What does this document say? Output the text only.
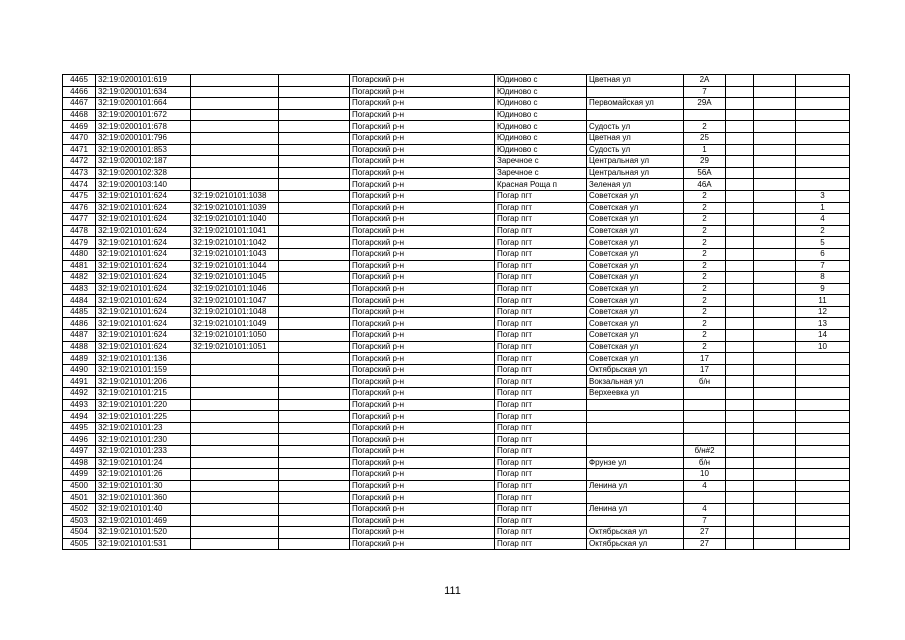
4465	32:19:0200101:619			Погарский р-н	Юдиново с	Цветная ул	2А			
4466	32:19:0200101:634			Погарский р-н	Юдиново с		7			
4467	32:19:0200101:664			Погарский р-н	Юдиново с	Первомайская ул	29А			
4468	32:19:0200101:672			Погарский р-н	Юдиново с					
4469	32:19:0200101:678			Погарский р-н	Юдиново с	Судость ул	2			
4470	32:19:0200101:796			Погарский р-н	Юдиново с	Цветная ул	25			
4471	32:19:0200101:853			Погарский р-н	Юдиново с	Судость ул	1			
4472	32:19:0200102:187			Погарский р-н	Заречное с	Центральная ул	29			
4473	32:19:0200102:328			Погарский р-н	Заречное с	Центральная ул	56А			
4474	32:19:0200103:140			Погарский р-н	Красная Роща п	Зеленая ул	46А			
4475	32:19:0210101:624	32:19:0210101:1038		Погарский р-н	Погар пгт	Советская ул	2			3
4476	32:19:0210101:624	32:19:0210101:1039		Погарский р-н	Погар пгт	Советская ул	2			1
4477	32:19:0210101:624	32:19:0210101:1040		Погарский р-н	Погар пгт	Советская ул	2			4
4478	32:19:0210101:624	32:19:0210101:1041		Погарский р-н	Погар пгт	Советская ул	2			2
4479	32:19:0210101:624	32:19:0210101:1042		Погарский р-н	Погар пгт	Советская ул	2			5
4480	32:19:0210101:624	32:19:0210101:1043		Погарский р-н	Погар пгт	Советская ул	2			6
4481	32:19:0210101:624	32:19:0210101:1044		Погарский р-н	Погар пгт	Советская ул	2			7
4482	32:19:0210101:624	32:19:0210101:1045		Погарский р-н	Погар пгт	Советская ул	2			8
4483	32:19:0210101:624	32:19:0210101:1046		Погарский р-н	Погар пгт	Советская ул	2			9
4484	32:19:0210101:624	32:19:0210101:1047		Погарский р-н	Погар пгт	Советская ул	2			11
4485	32:19:0210101:624	32:19:0210101:1048		Погарский р-н	Погар пгт	Советская ул	2			12
4486	32:19:0210101:624	32:19:0210101:1049		Погарский р-н	Погар пгт	Советская ул	2			13
4487	32:19:0210101:624	32:19:0210101:1050		Погарский р-н	Погар пгт	Советская ул	2			14
4488	32:19:0210101:624	32:19:0210101:1051		Погарский р-н	Погар пгт	Советская ул	2			10
4489	32:19:0210101:136			Погарский р-н	Погар пгт	Советская ул	17			
4490	32:19:0210101:159			Погарский р-н	Погар пгт	Октябрьская ул	17			
4491	32:19:0210101:206			Погарский р-н	Погар пгт	Вокзальная ул	б/н			
4492	32:19:0210101:215			Погарский р-н	Погар пгт	Верхеевка ул				
4493	32:19:0210101:220			Погарский р-н	Погар пгт					
4494	32:19:0210101:225			Погарский р-н	Погар пгт					
4495	32:19:0210101:23			Погарский р-н	Погар пгт					
4496	32:19:0210101:230			Погарский р-н	Погар пгт					
4497	32:19:0210101:233			Погарский р-н	Погар пгт		б/н#2			
4498	32:19:0210101:24			Погарский р-н	Погар пгт	Фрунзе ул	б/н			
4499	32:19:0210101:26			Погарский р-н	Погар пгт		10			
4500	32:19:0210101:30			Погарский р-н	Погар пгт	Ленина ул	4			
4501	32:19:0210101:360			Погарский р-н	Погар пгт					
4502	32:19:0210101:40			Погарский р-н	Погар пгт	Ленина ул	4			
4503	32:19:0210101:469			Погарский р-н	Погар пгт		7			
4504	32:19:0210101:520			Погарский р-н	Погар пгт	Октябрьская ул	27			
4505	32:19:0210101:531			Погарский р-н	Погар пгт	Октябрьская ул	27			
111
